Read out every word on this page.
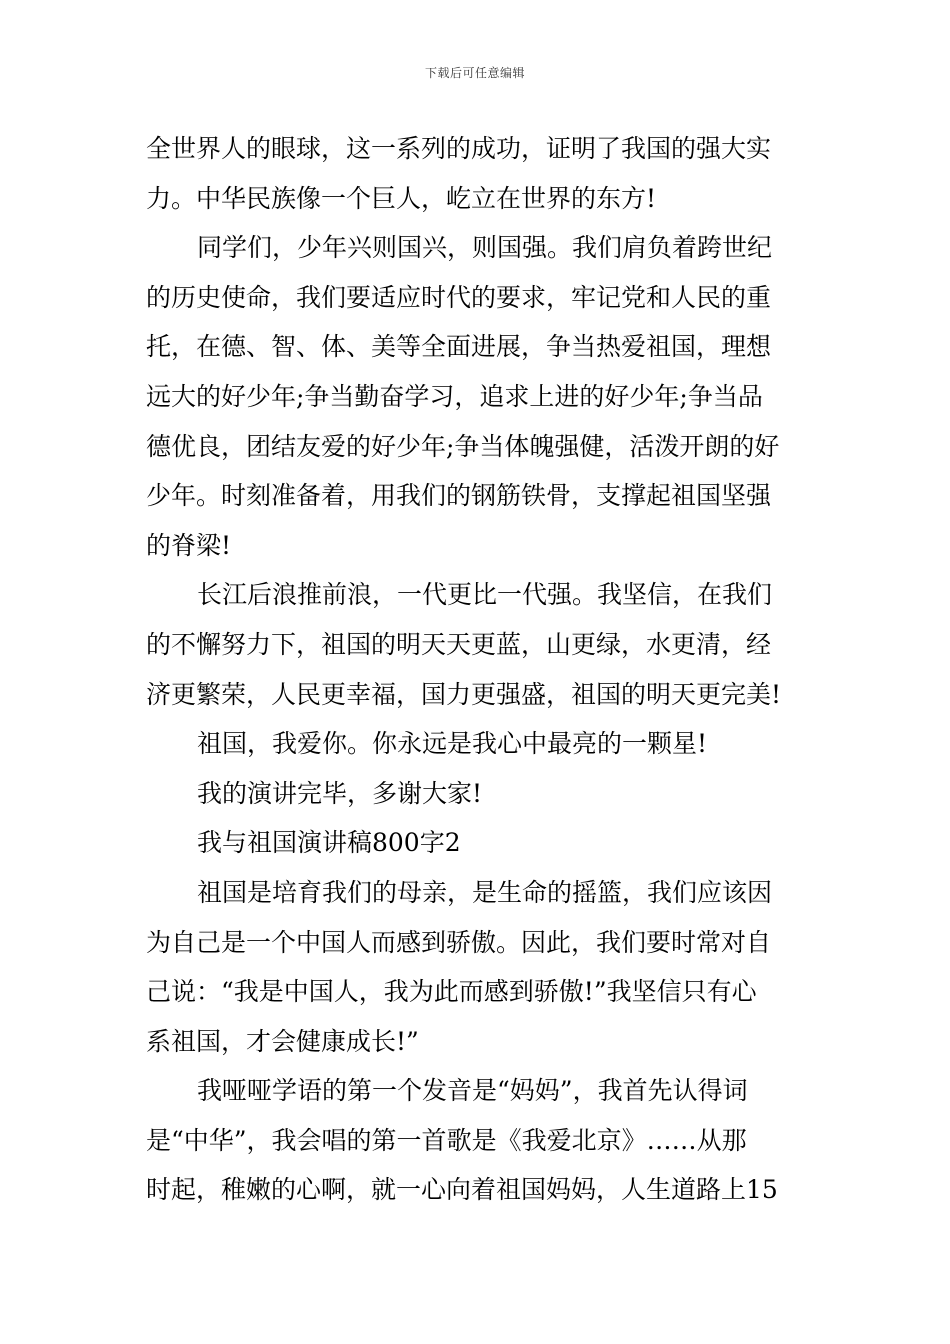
下载后可任意编辑
全世界人的眼球，这一系列的成功，证明了我国的强大实
力。中华民族像一个巨人，屹立在世界的东方!
同学们，少年兴则国兴，则国强。我们肩负着跨世纪
的历史使命，我们要适应时代的要求，牢记党和人民的重
托，在德、智、体、美等全面进展，争当热爱祖国，理想
远大的好少年;争当勤奋学习，追求上进的好少年;争当品
德优良，团结友爱的好少年;争当体魄强健，活泼开朗的好
少年。时刻准备着，用我们的钢筋铁骨，支撑起祖国坚强
的脊梁!
长江后浪推前浪，一代更比一代强。我坚信，在我们
的不懈努力下，祖国的明天天更蓝，山更绿，水更清，经
济更繁荣，人民更幸福，国力更强盛，祖国的明天更完美!
祖国，我爱你。你永远是我心中最亮的一颗星!
我的演讲完毕，多谢大家!
我与祖国演讲稿800字2
祖国是培育我们的母亲，是生命的摇篮，我们应该因
为自己是一个中国人而感到骄傲。因此，我们要时常对自
己说：“我是中国人，我为此而感到骄傲!”我坚信只有心
系祖国，才会健康成长!”
我哑哑学语的第一个发音是“妈妈”，我首先认得词
是“中华”，我会唱的第一首歌是《我爱北京》……从那
时起，稚嫩的心啊，就一心向着祖国妈妈，人生道路上15
